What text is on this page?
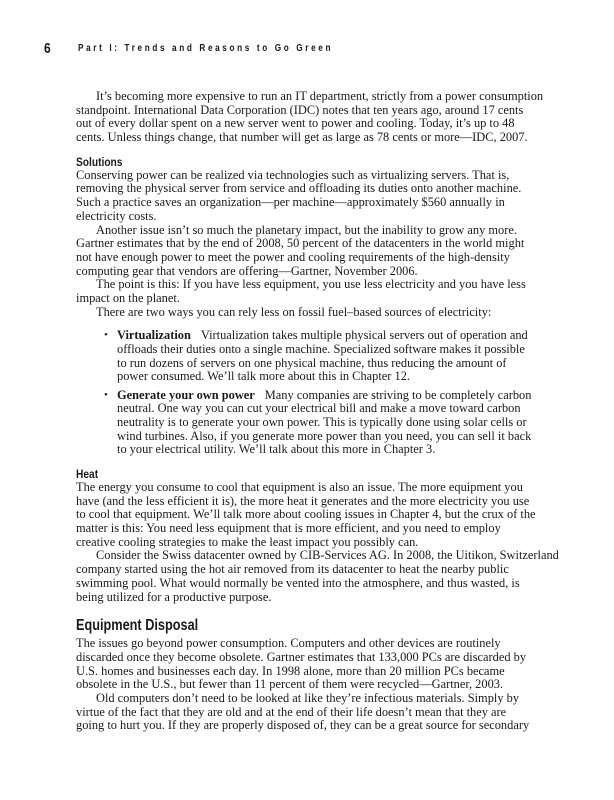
6	Part I: Trends and Reasons to Go Green
It’s becoming more expensive to run an IT department, strictly from a power consumption
standpoint. International Data Corporation (IDC) notes that ten years ago, around 17 cents
out of every dollar spent on a new server went to power and cooling. Today, it’s up to 48
cents. Unless things change, that number will get as large as 78 cents or more—IDC, 2007.
Solutions
Conserving power can be realized via technologies such as virtualizing servers. That is,
removing the physical server from service and offloading its duties onto another machine.
Such a practice saves an organization—per machine—approximately $560 annually in
electricity costs.
Another issue isn’t so much the planetary impact, but the inability to grow any more.
Gartner estimates that by the end of 2008, 50 percent of the datacenters in the world might
not have enough power to meet the power and cooling requirements of the high-density
computing gear that vendors are offering—Gartner, November 2006.
The point is this: If you have less equipment, you use less electricity and you have less
impact on the planet.
There are two ways you can rely less on fossil fuel–based sources of electricity:
• Virtualization Virtualization takes multiple physical servers out of operation and
offloads their duties onto a single machine. Specialized software makes it possible
to run dozens of servers on one physical machine, thus reducing the amount of
power consumed. We’ll talk more about this in Chapter 12.
• Generate your own power Many companies are striving to be completely carbon
neutral. One way you can cut your electrical bill and make a move toward carbon
neutrality is to generate your own power. This is typically done using solar cells or
wind turbines. Also, if you generate more power than you need, you can sell it back
to your electrical utility. We’ll talk about this more in Chapter 3.
Heat
The energy you consume to cool that equipment is also an issue. The more equipment you
have (and the less efficient it is), the more heat it generates and the more electricity you use
to cool that equipment. We’ll talk more about cooling issues in Chapter 4, but the crux of the
matter is this: You need less equipment that is more efficient, and you need to employ
creative cooling strategies to make the least impact you possibly can.
Consider the Swiss datacenter owned by CIB-Services AG. In 2008, the Uitikon, Switzerland
company started using the hot air removed from its datacenter to heat the nearby public
swimming pool. What would normally be vented into the atmosphere, and thus wasted, is
being utilized for a productive purpose.
Equipment Disposal
The issues go beyond power consumption. Computers and other devices are routinely
discarded once they become obsolete. Gartner estimates that 133,000 PCs are discarded by
U.S. homes and businesses each day. In 1998 alone, more than 20 million PCs became
obsolete in the U.S., but fewer than 11 percent of them were recycled—Gartner, 2003.
Old computers don’t need to be looked at like they’re infectious materials. Simply by
virtue of the fact that they are old and at the end of their life doesn’t mean that they are
going to hurt you. If they are properly disposed of, they can be a great source for secondary
